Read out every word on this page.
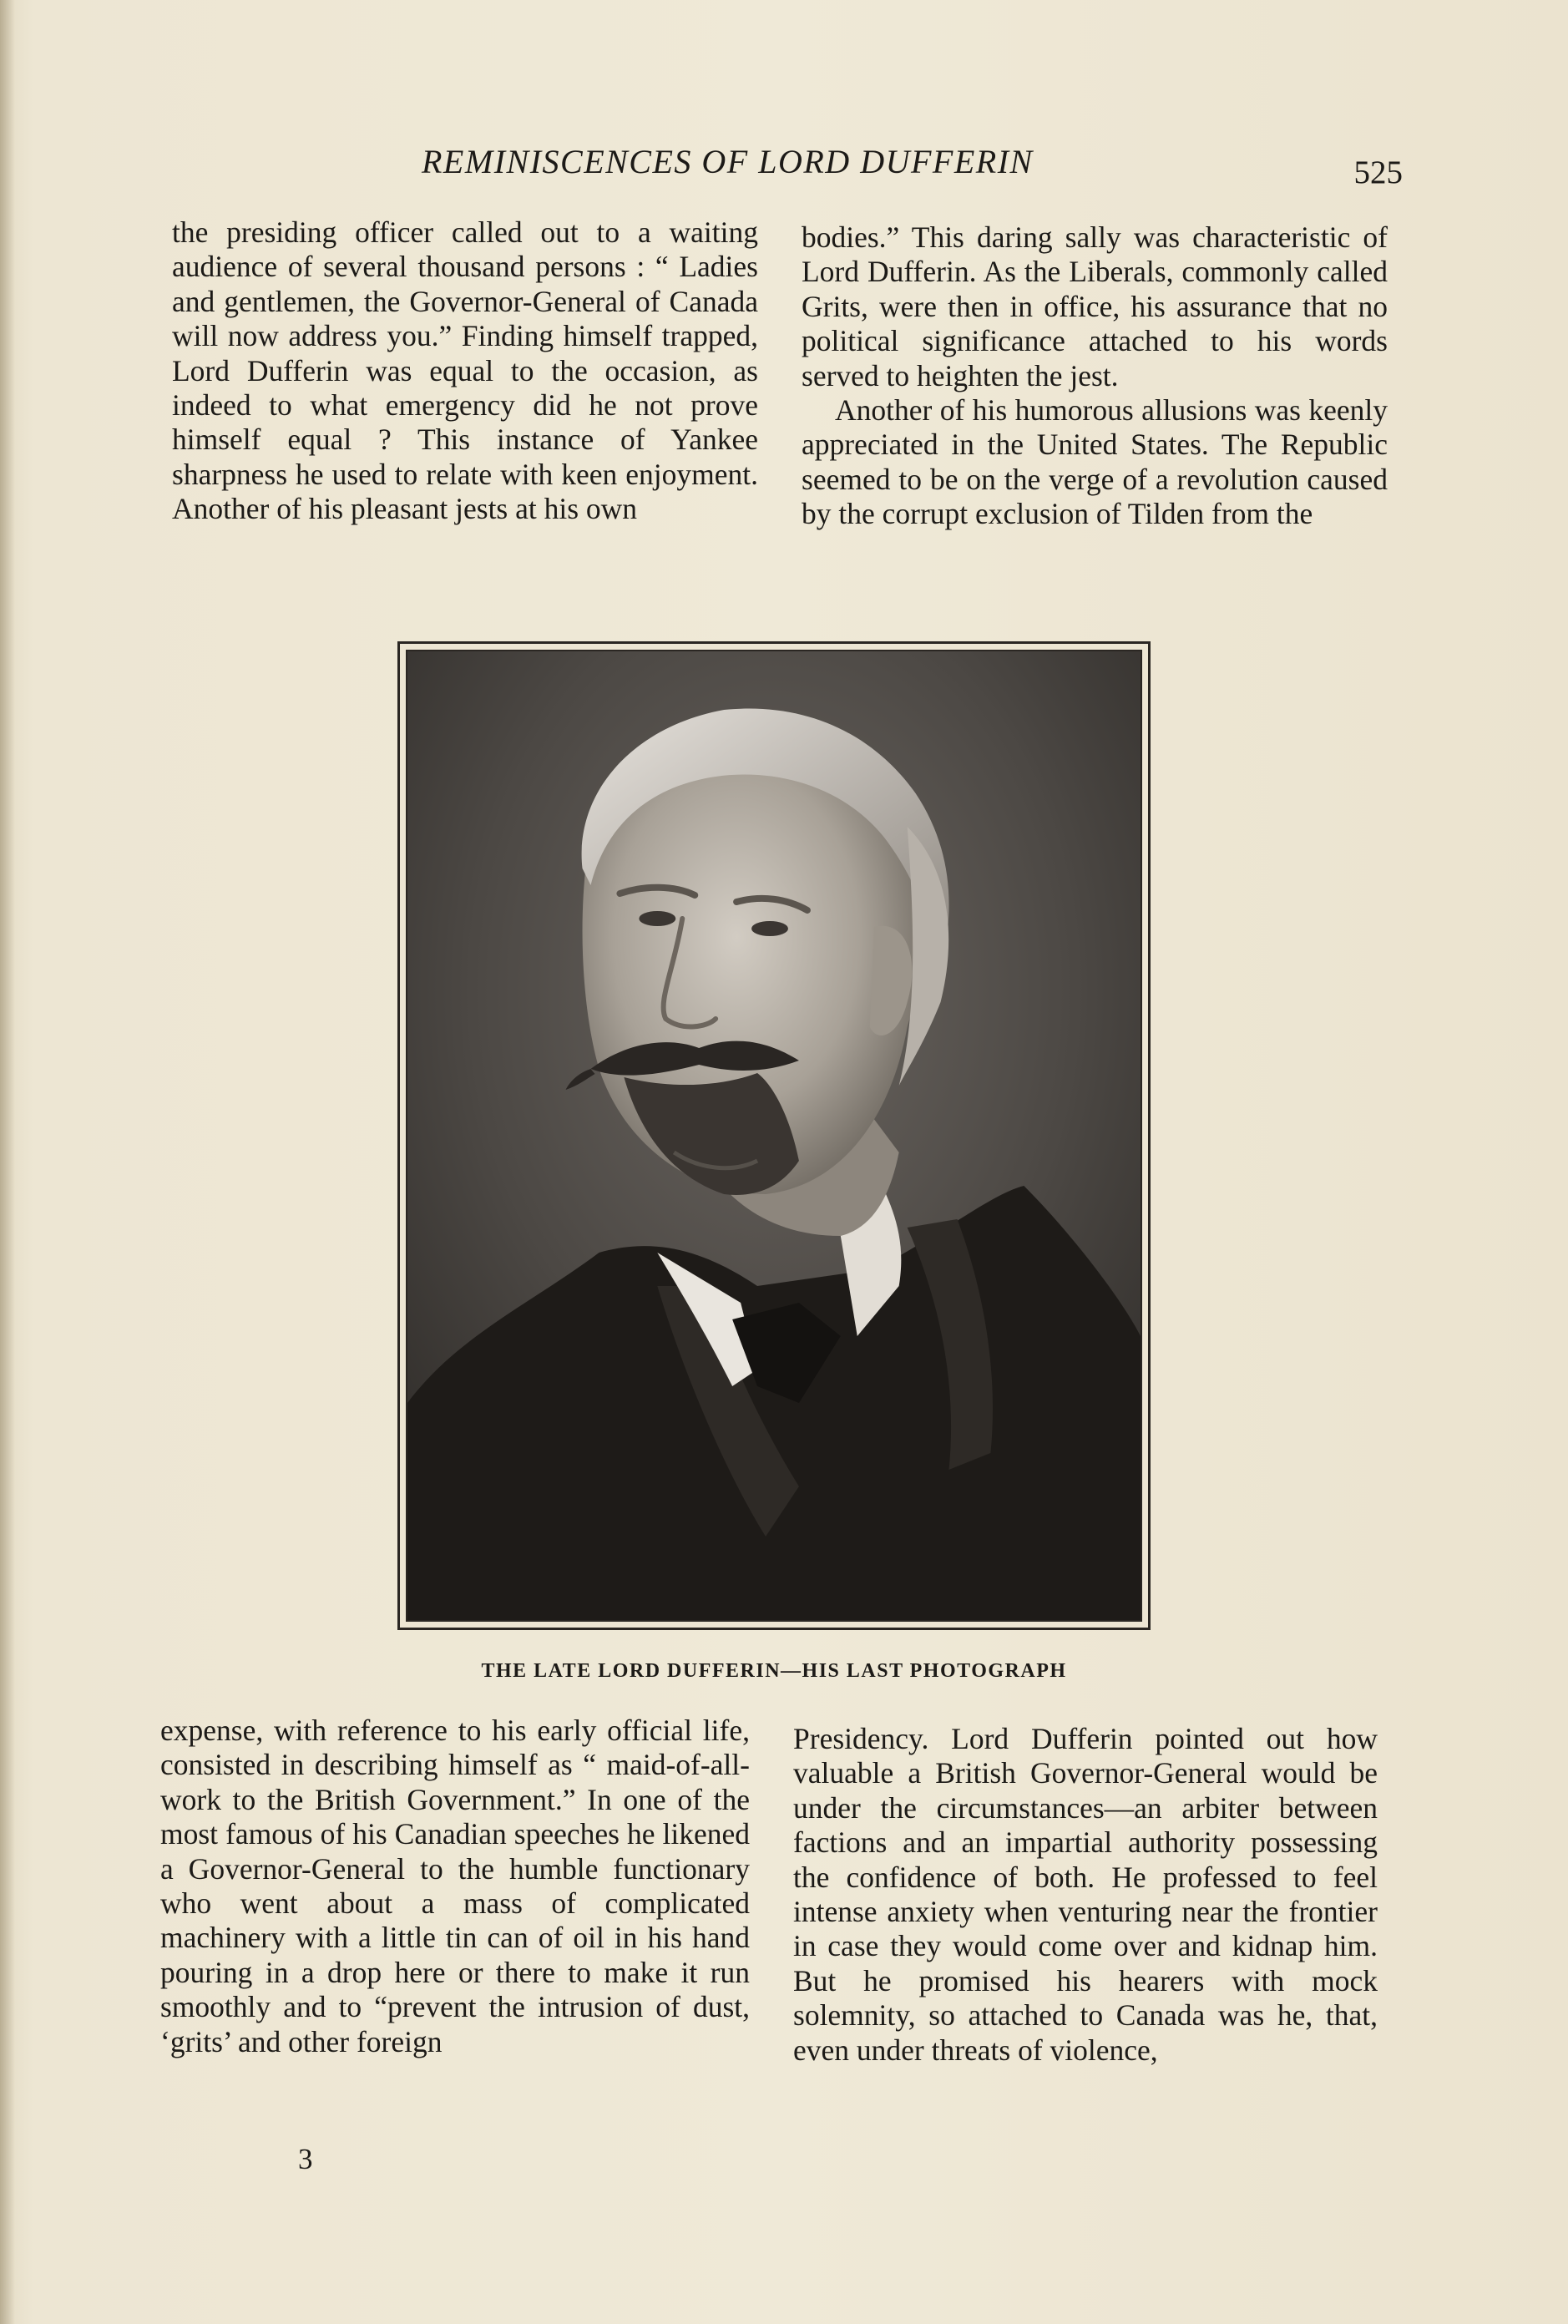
REMINISCENCES OF LORD DUFFERIN	525

the presiding officer called out to a waiting audience of several thousand persons : “ Ladies and gentlemen, the Governor-General of Canada will now address you.” Finding himself trapped, Lord Dufferin was equal to the occasion, as indeed to what emergency did he not prove himself equal ? This instance of Yankee sharpness he used to relate with keen enjoyment. Another of his pleasant jests at his own

bodies.” This daring sally was characteristic of Lord Dufferin. As the Liberals, commonly called Grits, were then in office, his assurance that no political significance attached to his words served to heighten the jest.

Another of his humorous allusions was keenly appreciated in the United States. The Republic seemed to be on the verge of a revolution caused by the corrupt exclusion of Tilden from the

THE LATE LORD DUFFERIN—HIS LAST PHOTOGRAPH

expense, with reference to his early official life, consisted in describing himself as “ maid-of-all-work to the British Government.” In one of the most famous of his Canadian speeches he likened a Governor-General to the humble functionary who went about a mass of complicated machinery with a little tin can of oil in his hand pouring in a drop here or there to make it run smoothly and to “prevent the intrusion of dust, ‘grits’ and other foreign

Presidency. Lord Dufferin pointed out how valuable a British Governor-General would be under the circumstances—an arbiter between factions and an impartial authority possessing the confidence of both. He professed to feel intense anxiety when venturing near the frontier in case they would come over and kidnap him. But he promised his hearers with mock solemnity, so attached to Canada was he, that, even under threats of violence,

3
